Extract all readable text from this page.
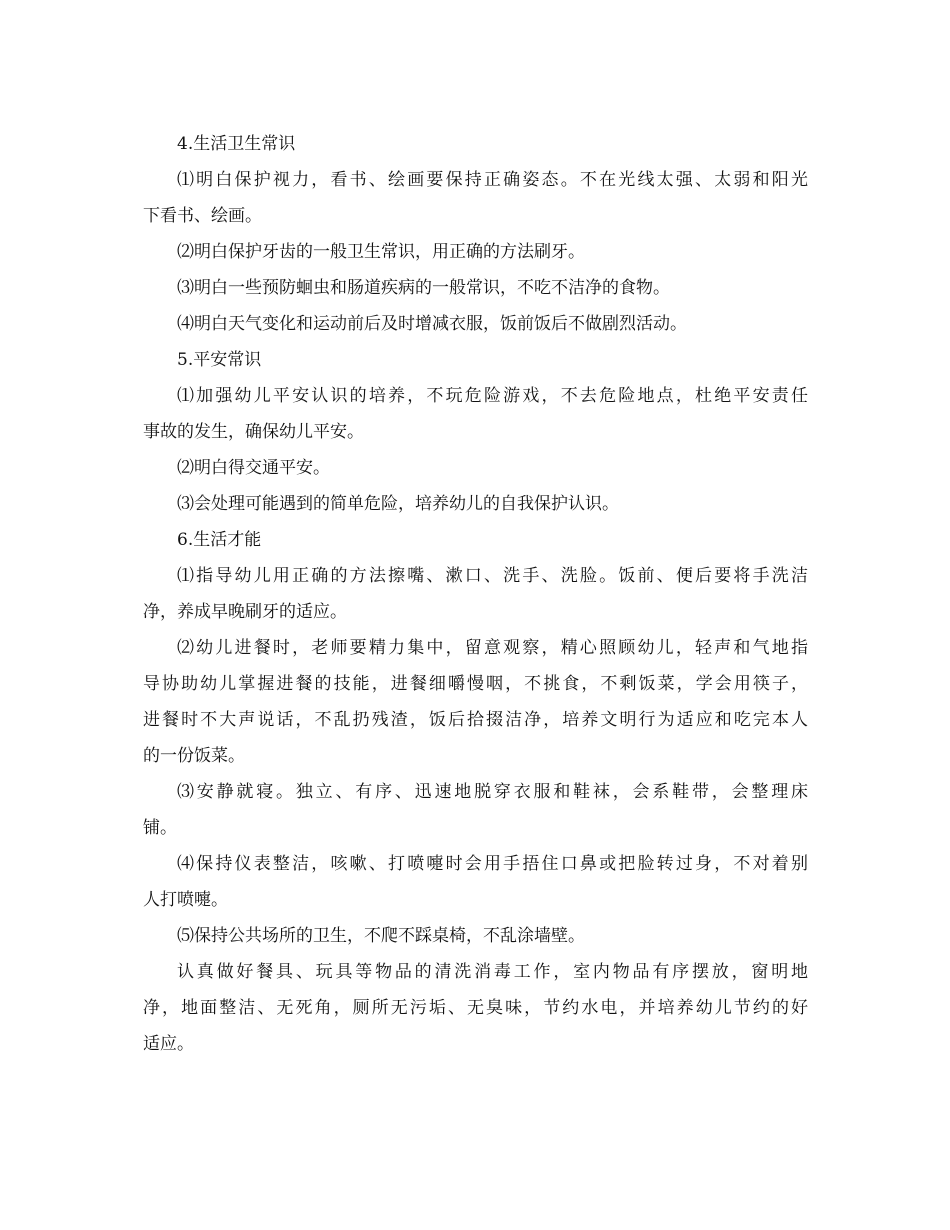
4.生活卫生常识
⑴明白保护视力，看书、绘画要保持正确姿态。不在光线太强、太弱和阳光
下看书、绘画。
⑵明白保护牙齿的一般卫生常识，用正确的方法刷牙。
⑶明白一些预防蛔虫和肠道疾病的一般常识，不吃不洁净的食物。
⑷明白天气变化和运动前后及时增减衣服，饭前饭后不做剧烈活动。
5.平安常识
⑴加强幼儿平安认识的培养，不玩危险游戏，不去危险地点，杜绝平安责任
事故的发生，确保幼儿平安。
⑵明白得交通平安。
⑶会处理可能遇到的简单危险，培养幼儿的自我保护认识。
6.生活才能
⑴指导幼儿用正确的方法擦嘴、漱口、洗手、洗脸。饭前、便后要将手洗洁
净，养成早晚刷牙的适应。
⑵幼儿进餐时，老师要精力集中，留意观察，精心照顾幼儿，轻声和气地指
导协助幼儿掌握进餐的技能，进餐细嚼慢咽，不挑食，不剩饭菜，学会用筷子，
进餐时不大声说话，不乱扔残渣，饭后拾掇洁净，培养文明行为适应和吃完本人
的一份饭菜。
⑶安静就寝。独立、有序、迅速地脱穿衣服和鞋袜，会系鞋带，会整理床
铺。
⑷保持仪表整洁，咳嗽、打喷嚏时会用手捂住口鼻或把脸转过身，不对着别
人打喷嚏。
⑸保持公共场所的卫生，不爬不踩桌椅，不乱涂墙壁。
认真做好餐具、玩具等物品的清洗消毒工作，室内物品有序摆放，窗明地
净，地面整洁、无死角，厕所无污垢、无臭味，节约水电，并培养幼儿节约的好
适应。
